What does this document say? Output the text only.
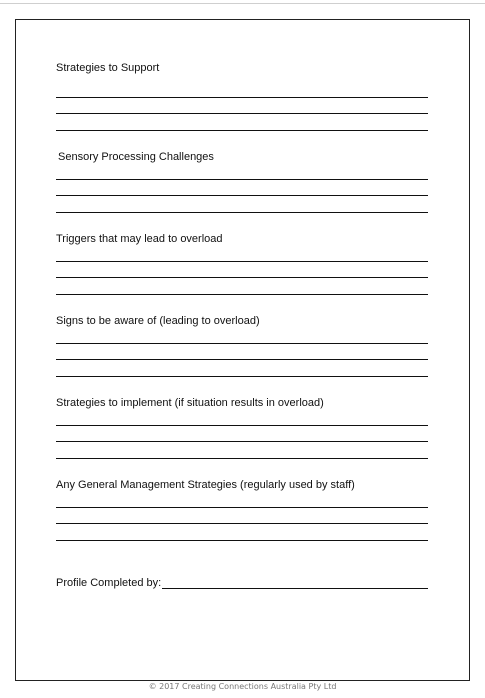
Strategies to Support
Sensory Processing Challenges
Triggers that may lead to overload
Signs to be aware of (leading to overload)
Strategies to implement (if situation results in overload)
Any General Management Strategies (regularly used by staff)
Profile Completed by:
© 2017 Creating Connections Australia Pty Ltd
